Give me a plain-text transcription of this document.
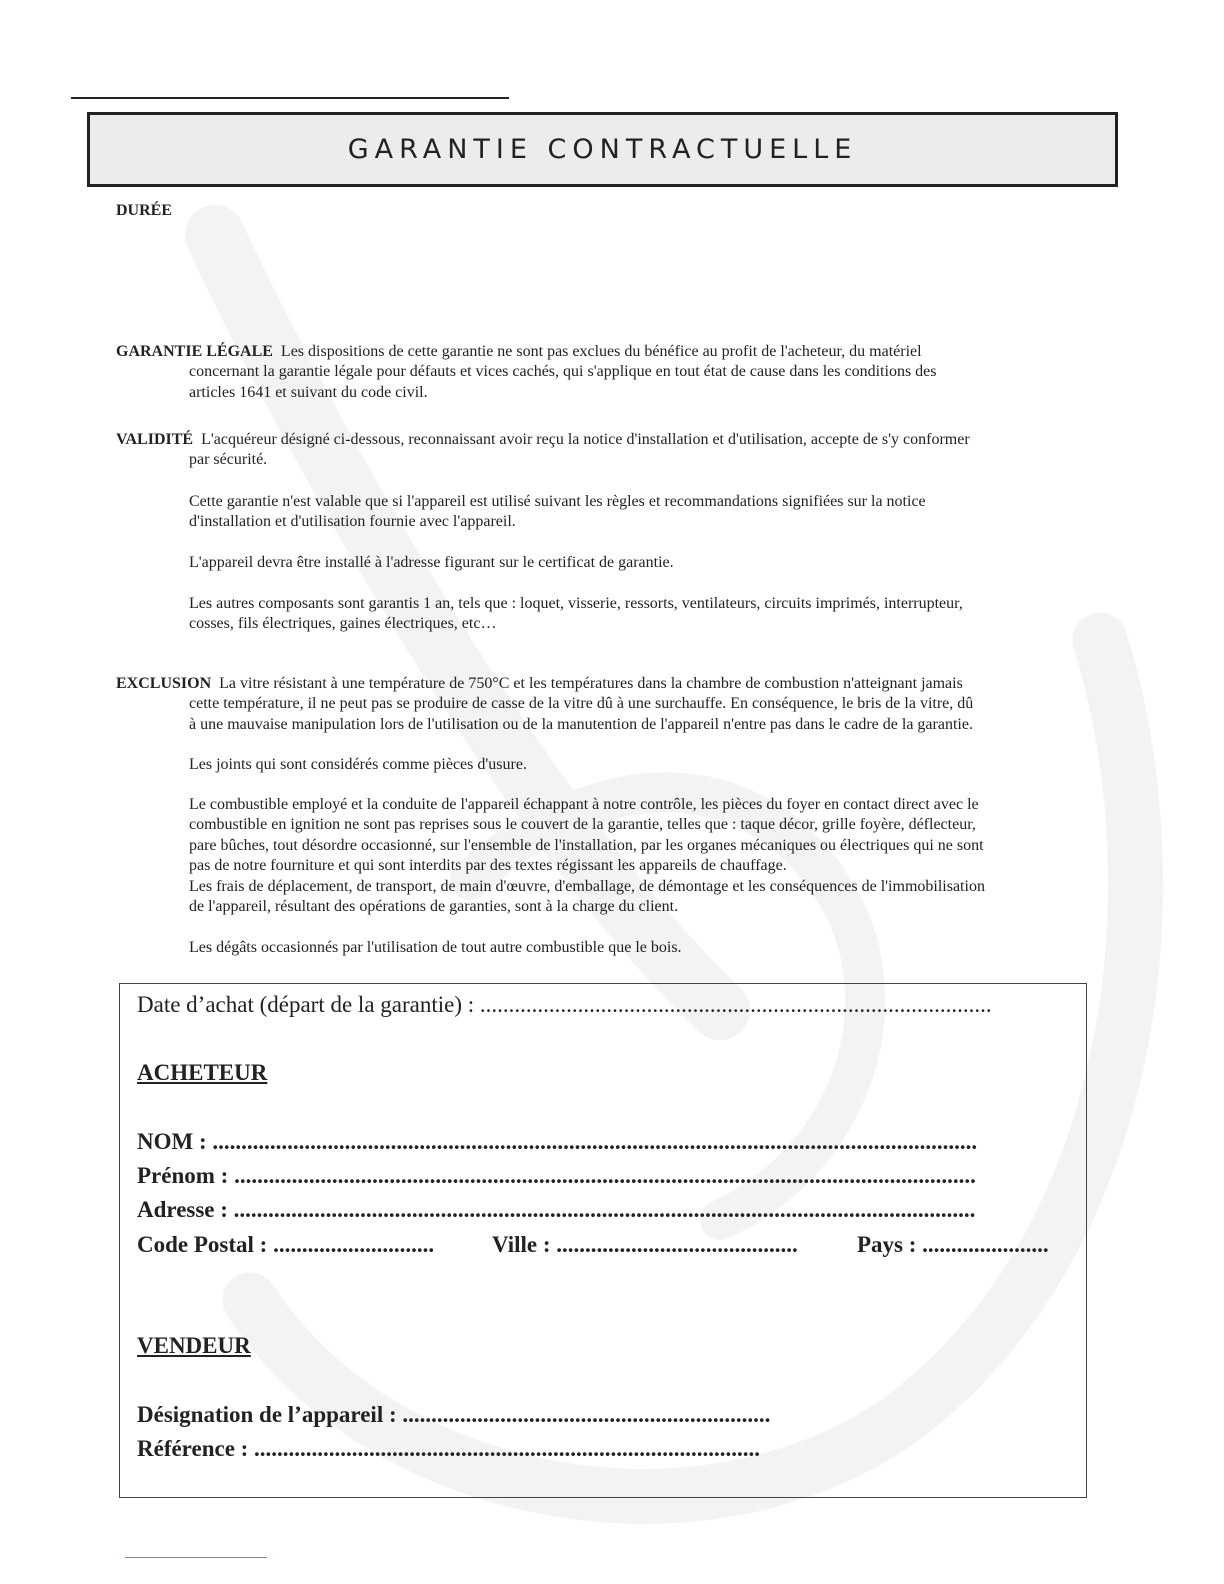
GARANTIE CONTRACTUELLE
DURÉE
GARANTIE LÉGALE Les dispositions de cette garantie ne sont pas exclues du bénéfice au profit de l'acheteur, du matériel
concernant la garantie légale pour défauts et vices cachés, qui s'applique en tout état de cause dans les conditions des
articles 1641 et suivant du code civil.
VALIDITÉ L'acquéreur désigné ci-dessous, reconnaissant avoir reçu la notice d'installation et d'utilisation, accepte de s'y conformer
par sécurité.
Cette garantie n'est valable que si l'appareil est utilisé suivant les règles et recommandations signifiées sur la notice
d'installation et d'utilisation fournie avec l'appareil.
L'appareil devra être installé à l'adresse figurant sur le certificat de garantie.
Les autres composants sont garantis 1 an, tels que : loquet, visserie, ressorts, ventilateurs, circuits imprimés, interrupteur,
cosses, fils électriques, gaines électriques, etc…
EXCLUSION La vitre résistant à une température de 750°C et les températures dans la chambre de combustion n'atteignant jamais
cette température, il ne peut pas se produire de casse de la vitre dû à une surchauffe. En conséquence, le bris de la vitre, dû
à une mauvaise manipulation lors de l'utilisation ou de la manutention de l'appareil n'entre pas dans le cadre de la garantie.
Les joints qui sont considérés comme pièces d'usure.
Le combustible employé et la conduite de l'appareil échappant à notre contrôle, les pièces du foyer en contact direct avec le
combustible en ignition ne sont pas reprises sous le couvert de la garantie, telles que : taque décor, grille foyère, déflecteur,
pare bûches, tout désordre occasionné, sur l'ensemble de l'installation, par les organes mécaniques ou électriques qui ne sont
pas de notre fourniture et qui sont interdits par des textes régissant les appareils de chauffage.
Les frais de déplacement, de transport, de main d'œuvre, d'emballage, de démontage et les conséquences de l'immobilisation
de l'appareil, résultant des opérations de garanties, sont à la charge du client.
Les dégâts occasionnés par l'utilisation de tout autre combustible que le bois.
Date d’achat (départ de la garantie) : .........................................................................................
ACHETEUR
NOM : .....................................................................................................................................
Prénom : .................................................................................................................................
Adresse : .................................................................................................................................
Code Postal : ............................	Ville : ..........................................	Pays : ......................
VENDEUR
Désignation de l’appareil : ................................................................
Référence : ........................................................................................
